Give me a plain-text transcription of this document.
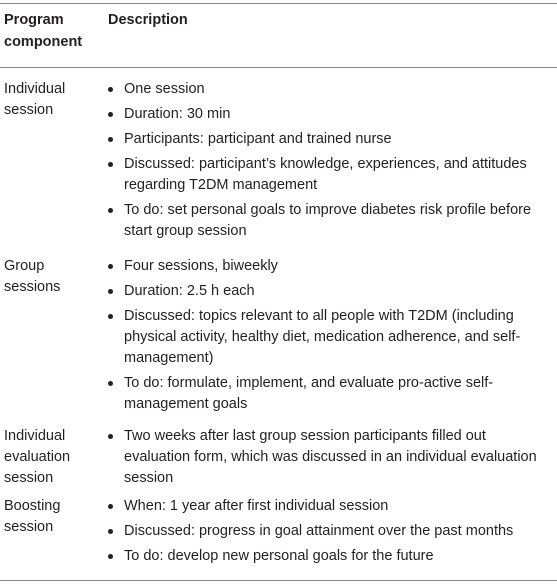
Program component
Description
Individual session
One session
Duration: 30 min
Participants: participant and trained nurse
Discussed: participant’s knowledge, experiences, and attitudes regarding T2DM management
To do: set personal goals to improve diabetes risk profile before start group session
Group sessions
Four sessions, biweekly
Duration: 2.5 h each
Discussed: topics relevant to all people with T2DM (including physical activity, healthy diet, medication adherence, and self-management)
To do: formulate, implement, and evaluate pro-active self-management goals
Individual evaluation session
Two weeks after last group session participants filled out evaluation form, which was discussed in an individual evaluation session
Boosting session
When: 1 year after first individual session
Discussed: progress in goal attainment over the past months
To do: develop new personal goals for the future
